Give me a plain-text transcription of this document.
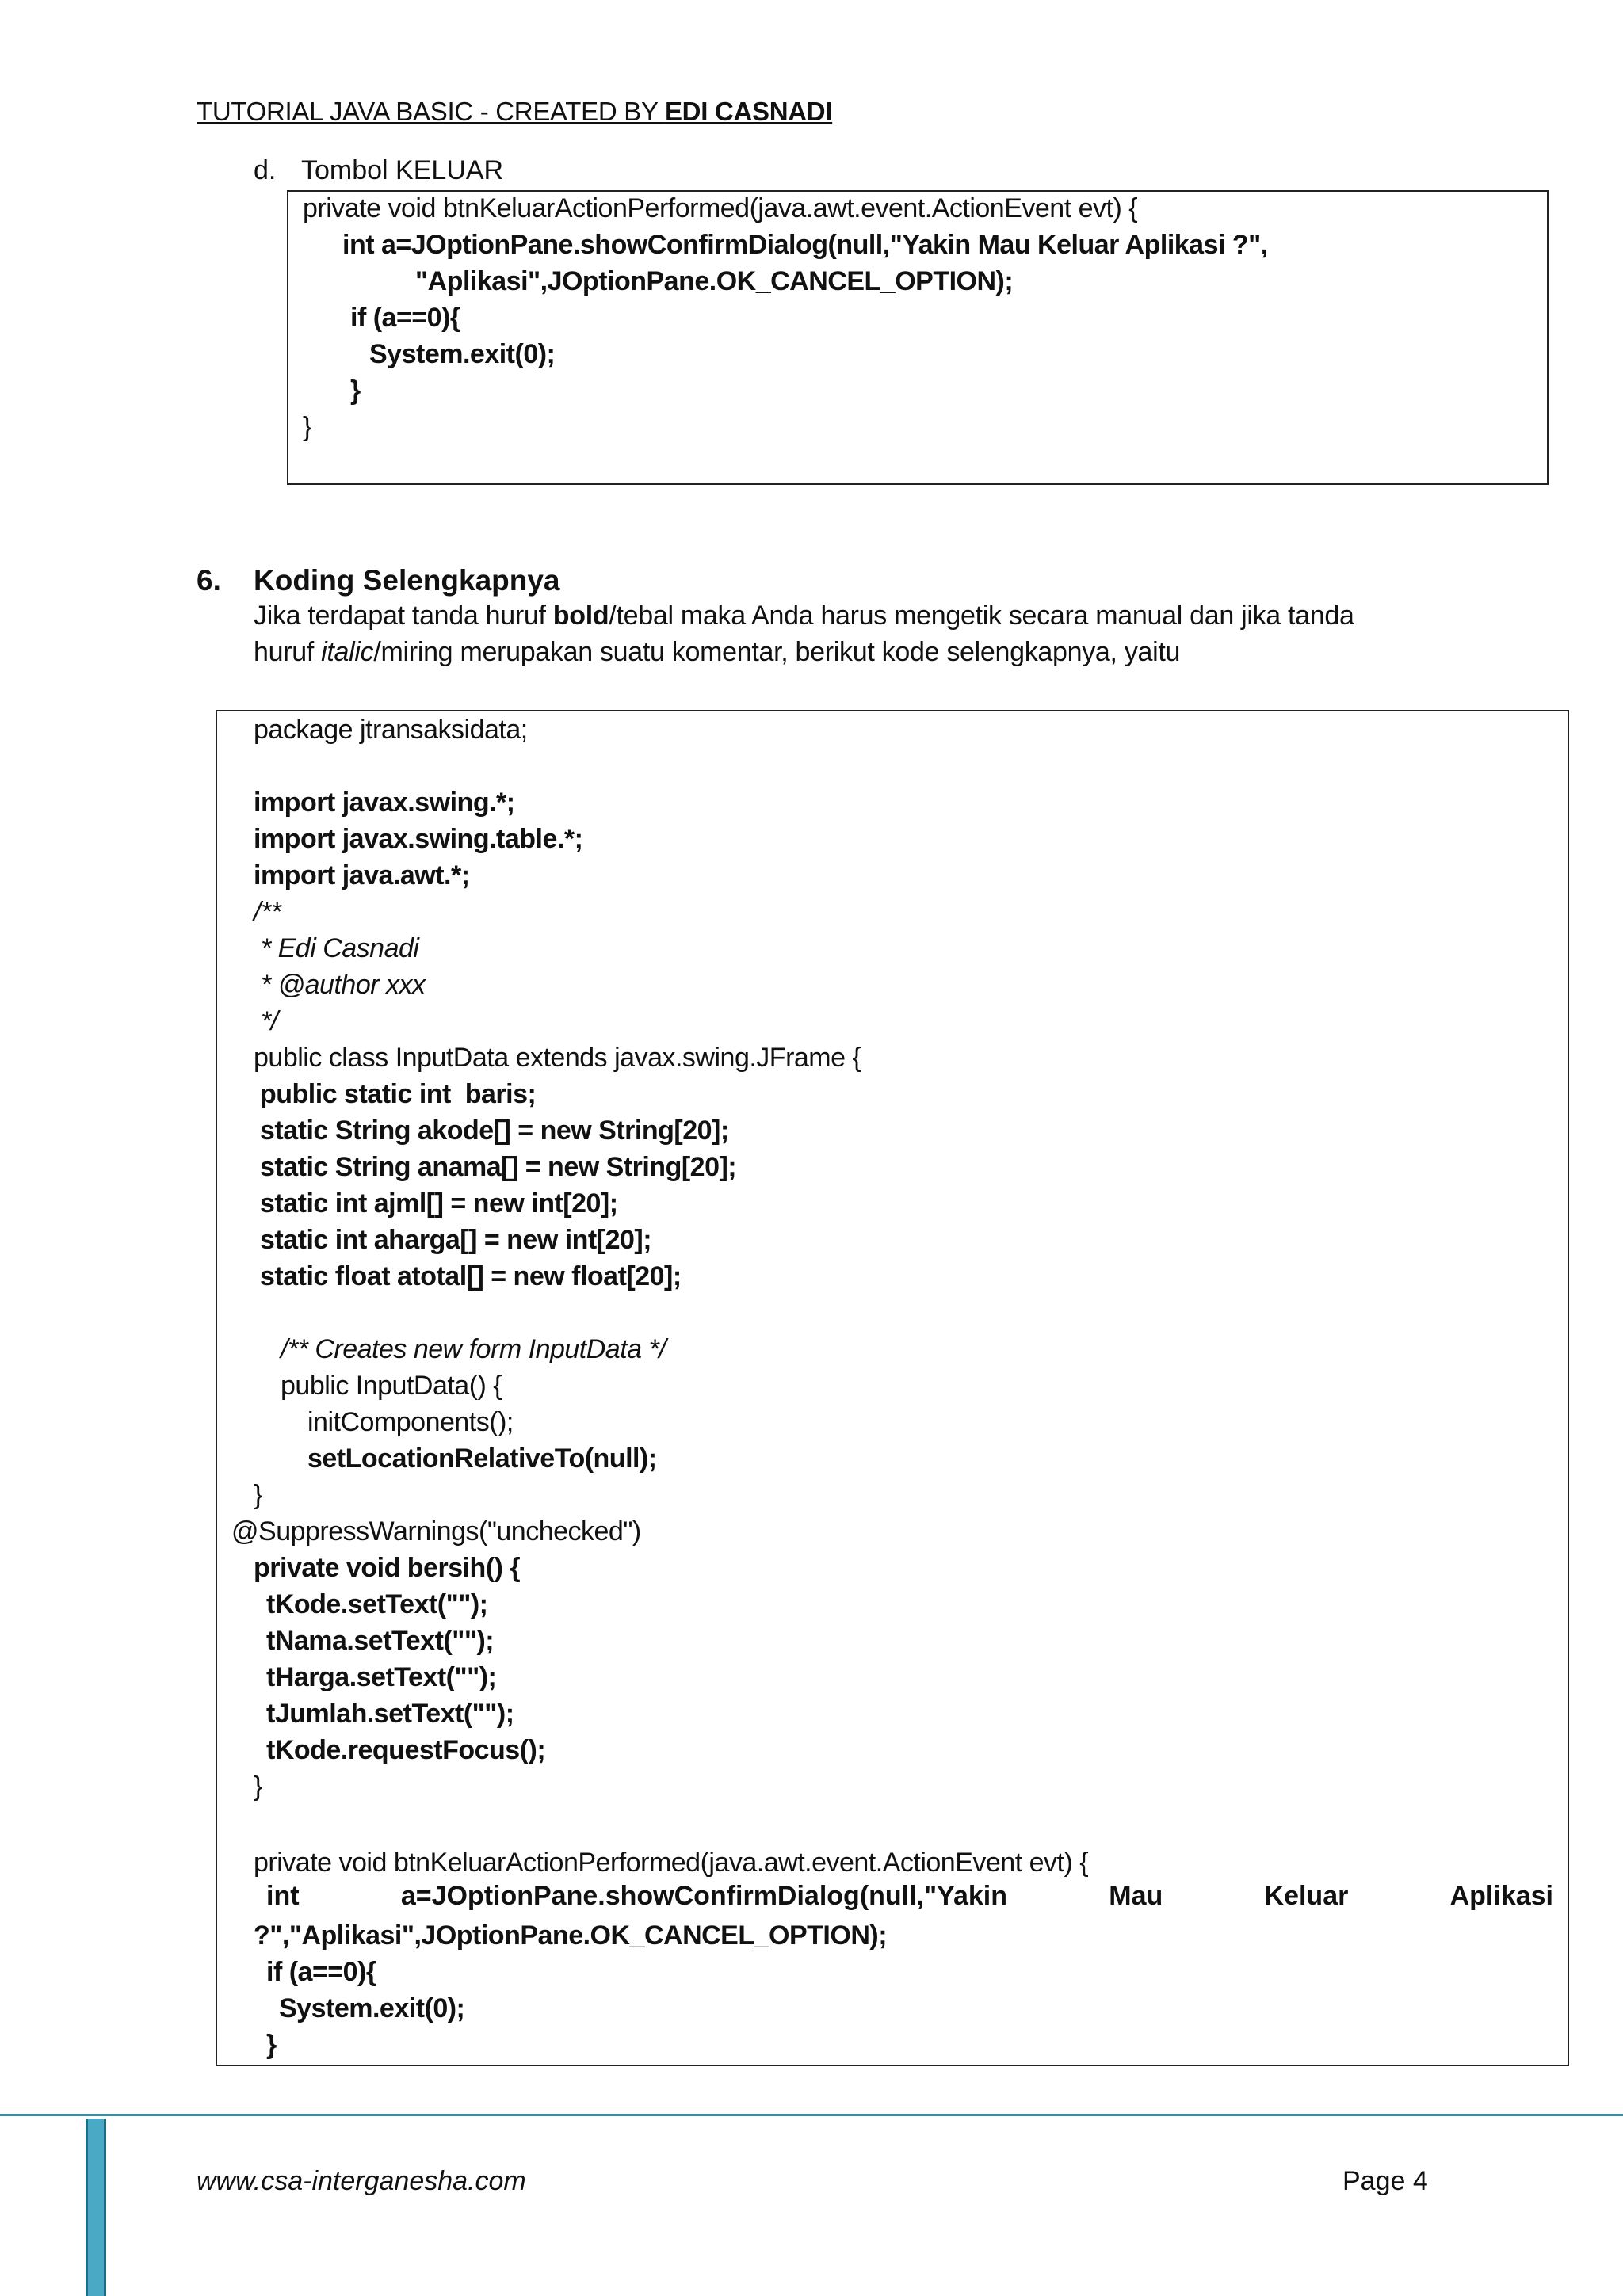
TUTORIAL JAVA BASIC - CREATED BY EDI CASNADI
d. Tombol KELUAR
private void btnKeluarActionPerformed(java.awt.event.ActionEvent evt) {
int a=JOptionPane.showConfirmDialog(null,"Yakin Mau Keluar Aplikasi ?",
"Aplikasi",JOptionPane.OK_CANCEL_OPTION);
if (a==0){
System.exit(0);
}
}
6. Koding Selengkapnya
Jika terdapat tanda huruf bold/tebal maka Anda harus mengetik secara manual dan jika tanda
huruf italic/miring merupakan suatu komentar, berikut kode selengkapnya, yaitu
package jtransaksidata;
import javax.swing.*;
import javax.swing.table.*;
import java.awt.*;
/**
* Edi Casnadi
* @author xxx
*/
public class InputData extends javax.swing.JFrame {
public static int  baris;
static String akode[] = new String[20];
static String anama[] = new String[20];
static int ajml[] = new int[20];
static int aharga[] = new int[20];
static float atotal[] = new float[20];
/** Creates new form InputData */
public InputData() {
initComponents();
setLocationRelativeTo(null);
}
@SuppressWarnings("unchecked")
private void bersih() {
tKode.setText("");
tNama.setText("");
tHarga.setText("");
tJumlah.setText("");
tKode.requestFocus();
}
private void btnKeluarActionPerformed(java.awt.event.ActionEvent evt) {
int	a=JOptionPane.showConfirmDialog(null,"Yakin	Mau	Keluar	Aplikasi
?","Aplikasi",JOptionPane.OK_CANCEL_OPTION);
if (a==0){
System.exit(0);
}
www.csa-interganesha.com	Page 4
